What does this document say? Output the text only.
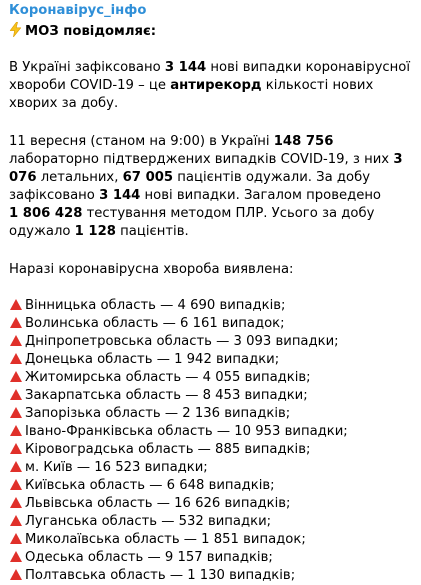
Коронавірус_інфо
МОЗ повідомляє:
В Україні зафіксовано 3 144 нові випадки коронавірусної хвороби COVID-19 – це антирекорд кількості нових хворих за добу.
11 вересня (станом на 9:00) в Україні 148 756 лабораторно підтверджених випадків COVID-19, з них 3 076 летальних, 67 005 пацієнтів одужали. За добу зафіксовано 3 144 нові випадки. Загалом проведено
1 806 428 тестування методом ПЛР. Усього за добу одужало 1 128 пацієнтів.
Наразі коронавірусна хвороба виявлена:
Вінницька область — 4 690 випадків;
Волинська область — 6 161 випадок;
Дніпропетровська область — 3 093 випадки;
Донецька область — 1 942 випадки;
Житомирська область — 4 055 випадків;
Закарпатська область — 8 453 випадки;
Запорізька область — 2 136 випадків;
Івано-Франківська область — 10 953 випадки;
Кіровоградська область — 885 випадків;
м. Київ — 16 523 випадки;
Київська область — 6 648 випадків;
Львівська область — 16 626 випадків;
Луганська область — 532 випадки;
Миколаївська область — 1 851 випадок;
Одеська область — 9 157 випадків;
Полтавська область — 1 130 випадків;
